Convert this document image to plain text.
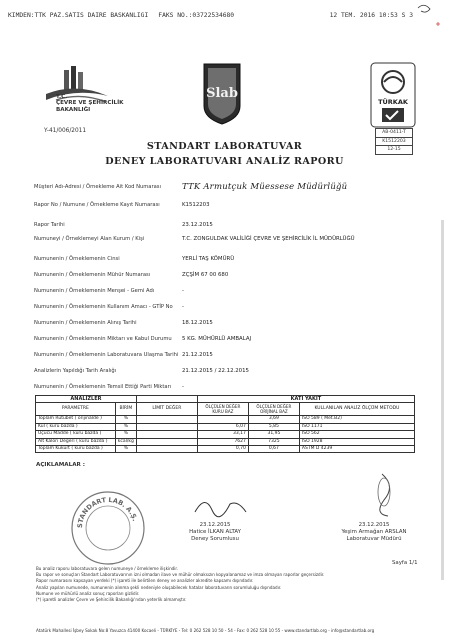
KIMDEN:TTK PAZ.SATIS DAIRE BASKANLIGI FAKS NO.:03722534680	12 TEM. 2016 10:53 S 3
T.C.
ÇEVRE VE ŞEHİRCİLİK
BAKANLIĞI
Y-41/006/2011
Slab
TÜRKAK
AB-0411-T
K1512203
12-15
STANDART LABORATUVAR
DENEY LABORATUVARI ANALİZ RAPORU
Müşteri Adı-Adresi / Örnekleme Ait Kod Numarası	TTK Armutçuk Müessese Müdürlüğü
Rapor No / Numune / Örnekleme Kayıt Numarası	K1512203
Rapor Tarihi	23.12.2015
Numuneyi / Örneklemeyi Alan Kurum / Kişi	T.C. ZONGULDAK VALİLİĞİ ÇEVRE VE ŞEHİRCİLİK İL MÜDÜRLÜĞÜ
Numunenin / Örneklemenin Cinsi	YERLİ TAŞ KÖMÜRÜ
Numunenin / Örneklemenin Mühür Numarası	ZÇŞİM 67 00 680
Numunenin / Örneklemenin Menşei - Gemi Adı	-
Numunenin / Örneklemenin Kullanım Amacı - GTİP No	-
Numunenin / Örneklemenin Alınış Tarihi	18.12.2015
Numunenin / Örneklemenin Miktarı ve Kabul Durumu	5 KG. MÜHÜRLÜ AMBALAJ
Numunenin / Örneklemenin Laboratuvara Ulaşma Tarihi 21.12.2015
Analizlerin Yapıldığı Tarih Aralığı	21.12.2015 / 22.12.2015
Numunenin / Örneklemenin Temsil Ettiği Parti Miktarı	-
ANALİZLER			KATI YAKIT		
PARAMETRE	BİRİM	LİMİT DEĞER	ÖLÇÜLEN DEĞER KURU BAZ	ÖLÇÜLEN DEĞER ORİJİNAL BAZ	KULLANILAN ANALİZ ÖLÇÜM METODU
Toplam Rutubet ( orijinalde )	%			3,69	ISO 589 ( Met.B2)
Kül ( kuru bazda )	%		6,07	5,85	ISO 1171
Uçucu Madde ( kuru bazda )	%		33,17	31,95	ISO 562
Alt Kalori Değeri ( kuru bazda )	kcal/kg		7627	7325	ISO 1928
Toplam Kükürt ( kuru bazda )	%		0,70	0,67	ASTM D 4239
AÇIKLAMALAR :
STANDART LAB. A.Ş.
23.12.2015
Hatice İLKAN ALTAY
Deney Sorumlusu
23.12.2015
Yeşim Armağan ARSLAN
Laboratuvar Müdürü
Sayfa 1/1
Bu analiz raporu laboratuvara gelen numuneye / örnekleme ilişkindir.
Bu rapor ve sonuçları Standart Laboratuvarının izni olmadan ilave ve mühür olmaksızın kopyalanamaz ve imza olmayan raporlar geçersizdir.
Rapor numarasını kapsayan yerdeki (*) işareti ile belirtilen deney ve analizler akredite kapsamı dışındadır.
Analiz yapılan numunede, numunenin alınma şekli nedeniyle oluşabilecek hatalar laboratuvarın sorumluluğu dışındadır.
Numune ve mühürlü analiz sonuç raporları gizlidir.
(*) işaretli analizler Çevre ve Şehircilik Bakanlığı'ndan yeterlik almamıştır.
Atatürk Mahallesi İşbey Sokak No:8 Yavuzca 41400 Kocaeli - TÜRKİYE - Tel: 0 262 528 10 50 - 54 - Fax: 0 262 528 10 55 - www.standartlab.org - info@standartlab.org
